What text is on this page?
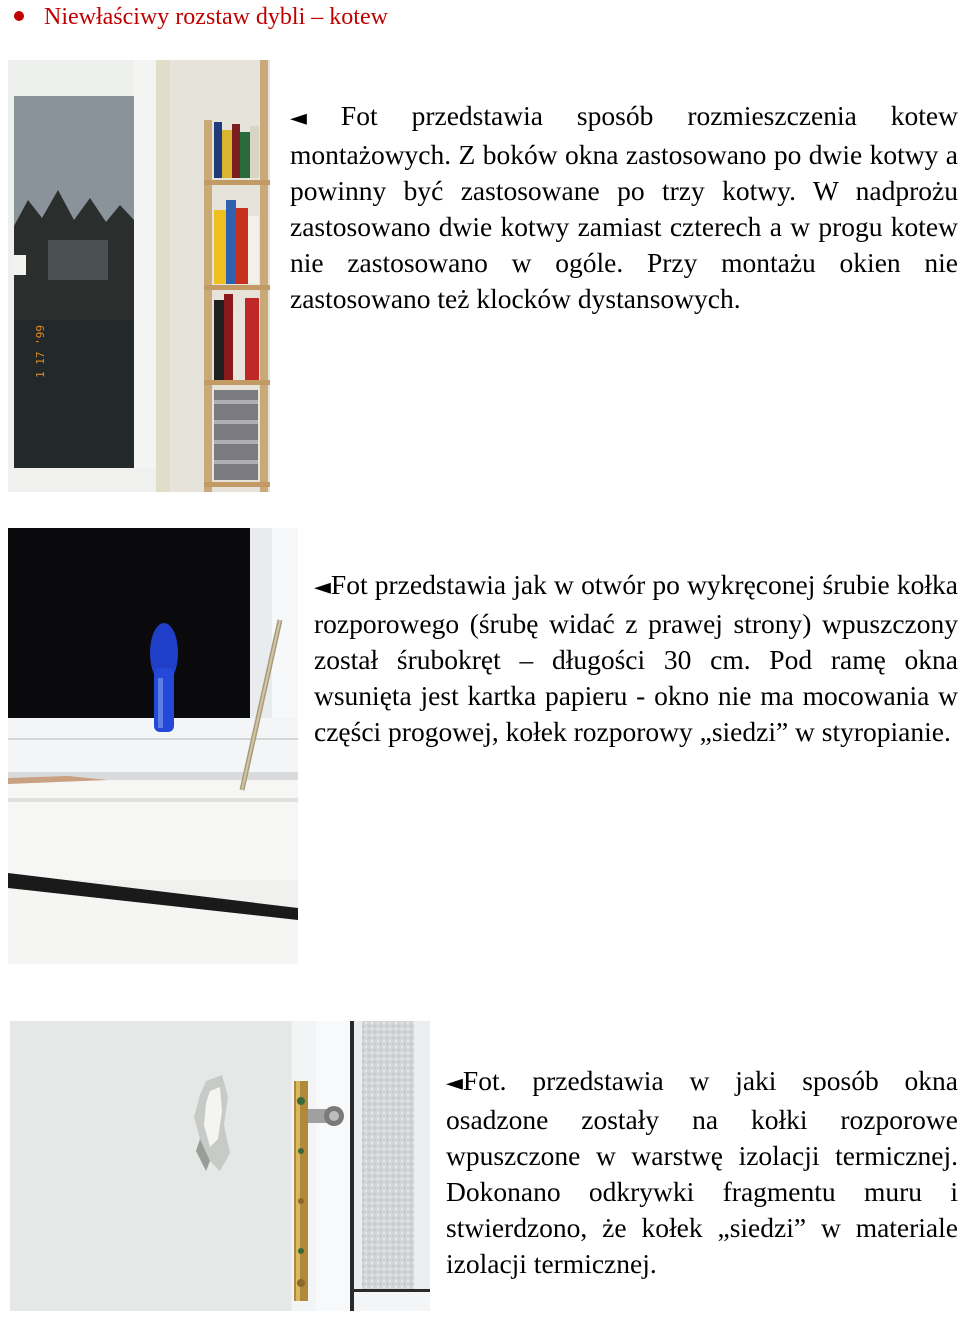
Niewłaściwy rozstaw dybli – kotew
1 17 '99

◄ Fot przedstawia sposób rozmieszczenia kotew montażowych. Z boków okna zastosowano po dwie kotwy a powinny być zastosowane po trzy kotwy. W nadprożu zastosowano dwie kotwy zamiast czterech a w progu kotew nie zastosowano w ogóle. Przy montażu okien nie zastosowano też klocków dystansowych.

◄Fot przedstawia jak w otwór po wykręconej śrubie kołka rozporowego (śrubę widać z prawej strony) wpuszczony został śrubokręt – długości 30 cm. Pod ramę okna wsunięta jest kartka papieru - okno nie ma mocowania w części progowej, kołek rozporowy „siedzi” w styropianie.

◄Fot. przedstawia w jaki sposób okna osadzone zostały na kołki rozporowe wpuszczone w warstwę izolacji termicznej. Dokonano odkrywki fragmentu muru i stwierdzono, że kołek „siedzi” w materiale izolacji termicznej.
